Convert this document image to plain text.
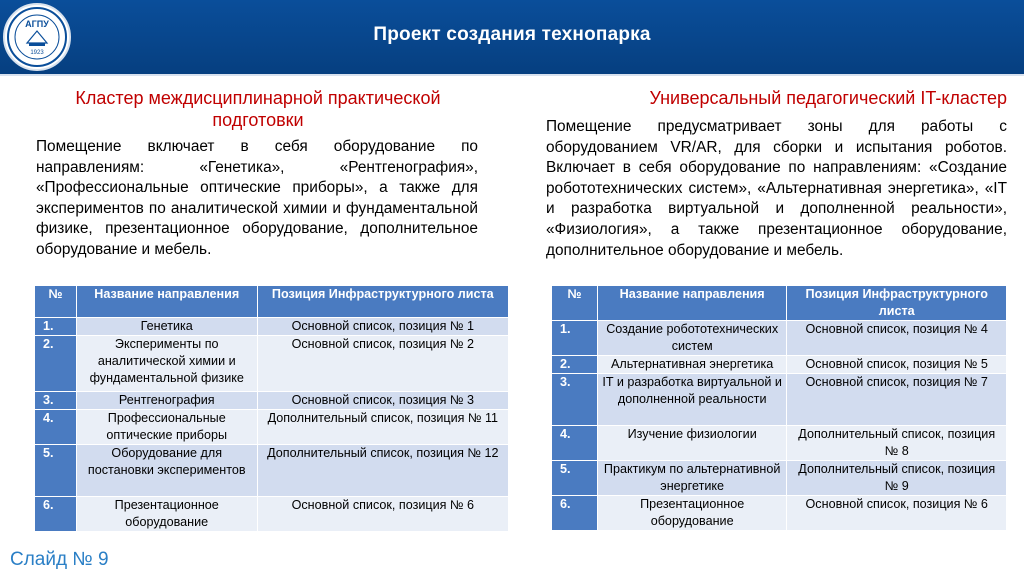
АГПУ
1923
Проект создания технопарка
Кластер междисциплинарной практической
подготовки
Помещение включает в себя оборудование по направлениям: «Генетика», «Рентгенография», «Профессиональные оптические приборы», а также для экспериментов по аналитической химии и фундаментальной физике, презентационное оборудование, дополнительное оборудование и мебель.
№	Название направления	Позиция Инфраструктурного листа
1.	Генетика	Основной список, позиция № 1
2.	Эксперименты по аналитической химии и фундаментальной физике	Основной список, позиция № 2
3.	Рентгенография	Основной список, позиция № 3
4.	Профессиональные оптические приборы	Дополнительный список, позиция № 11
5.	Оборудование для постановки экспериментов	Дополнительный список, позиция № 12
6.	Презентационное оборудование	Основной список, позиция № 6
Универсальный педагогический IT-кластер
Помещение предусматривает зоны для работы с оборудованием VR/AR, для сборки и испытания роботов. Включает в себя оборудование по направлениям: «Создание робототехнических систем», «Альтернативная энергетика», «IT и разработка виртуальной и дополненной реальности», «Физиология», а также презентационное оборудование, дополнительное оборудование и мебель.
№	Название направления	Позиция Инфраструктурного листа
1.	Создание робототехнических систем	Основной список, позиция № 4
2.	Альтернативная энергетика	Основной список, позиция № 5
3.	IT и разработка виртуальной и дополненной реальности	Основной список, позиция № 7
4.	Изучение физиологии	Дополнительный список, позиция № 8
5.	Практикум по альтернативной энергетике	Дополнительный список, позиция № 9
6.	Презентационное оборудование	Основной список, позиция № 6
Слайд № 9
